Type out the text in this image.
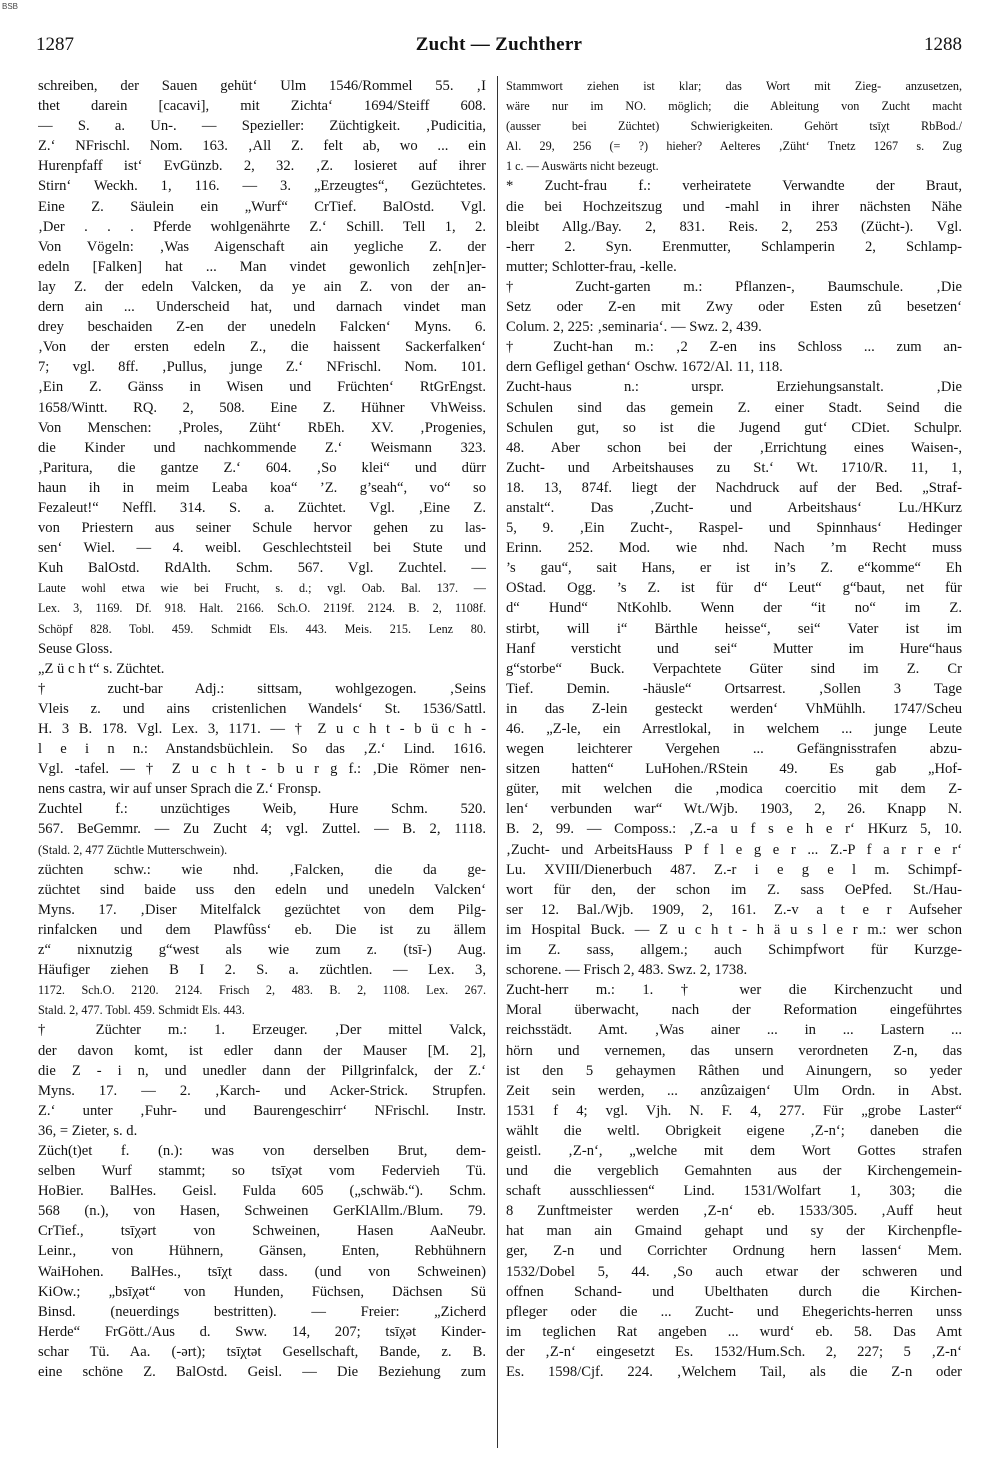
BSB
1287	Zucht — Zuchtherr	1288
schreiben, der Sauen gehüt‘ Ulm 1546/Rommel 55. ‚I
thet darein [cacavi], mit Zichta‘ 1694/Steiff 608.
— S. a. Un-. — Spezieller: Züchtigkeit. ‚Pudicitia,
Z.‘ NFrischl. Nom. 163. ‚All Z. felt ab, wo ... ein
Hurenpfaff ist‘ EvGünzb. 2, 32. ‚Z. losieret auf ihrer
Stirn‘ Weckh. 1, 116. — 3. „Erzeugtes“, Gezüchtetes.
Eine Z. Säulein ein „Wurf“ CrTief. BalOstd. Vgl.
‚Der . . . Pferde wohlgenährte Z.‘ Schill. Tell 1, 2.
Von Vögeln: ‚Was Aigenschaft ain yegliche Z. der
edeln [Falken] hat ... Man vindet gewonlich zeh[n]er-
lay Z. der edeln Valcken, da ye ain Z. von der an-
dern ain ... Underscheid hat, und darnach vindet man
drey beschaiden Z-en der unedeln Falcken‘ Myns. 6.
‚Von der ersten edeln Z., die haissent Sackerfalken‘
7; vgl. 8ff. ‚Pullus, junge Z.‘ NFrischl. Nom. 101.
‚Ein Z. Gänss in Wisen und Früchten‘ RtGrEngst.
1658/Wintt. RQ. 2, 508. Eine Z. Hühner VhWeiss.
Von Menschen: ‚Proles, Züht‘ RbEh. XV. ‚Progenies,
die Kinder und nachkommende Z.‘ Weismann 323.
‚Paritura, die gantze Z.‘ 604. ‚So klei“ und dürr
haun ih in meim Leaba koa“ ’Z. g’seah“, vo“ so
Fezaleut!“ Neffl. 314. S. a. Züchtet. Vgl. ‚Eine Z.
von Priestern aus seiner Schule hervor gehen zu las-
sen‘ Wiel. — 4. weibl. Geschlechtsteil bei Stute und
Kuh BalOstd. RdAlth. Schm. 567. Vgl. Zuchtel. —
Laute wohl etwa wie bei Frucht, s. d.; vgl. Oab. Bal. 137. —
Lex. 3, 1169. Df. 918. Halt. 2166. Sch.O. 2119f. 2124. B. 2, 1108f.
Schöpf 828. Tobl. 459. Schmidt Els. 443. Meis. 215. Lenz 80.
Seuse Gloss.
„Z ü c h t“ s. Züchtet.
† zucht-bar Adj.: sittsam, wohlgezogen. ‚Seins
Vleis z. und ains cristenlichen Wandels‘ St. 1536/Sattl.
H. 3 B. 178. Vgl. Lex. 3, 1171. — † Z u c h t - b ü c h -
l e i n n.: Anstandsbüchlein. So das ‚Z.‘ Lind. 1616.
Vgl. -tafel. — † Z u c h t - b u r g f.: ‚Die Römer nen-
nens castra, wir auf unser Sprach die Z.‘ Fronsp.
Zuchtel f.: unzüchtiges Weib, Hure Schm. 520.
567. BeGemmr. — Zu Zucht 4; vgl. Zuttel. — B. 2, 1118.
(Stald. 2, 477 Züchtle Mutterschwein).
züchten schw.: wie nhd. ‚Falcken, die da ge-
züchtet sind baide uss den edeln und unedeln Valcken‘
Myns. 17. ‚Diser Mitelfalck gezüchtet von dem Pilg-
rinfalcken und dem Plawfûss‘ eb. Die ist zu ällem
z“ nixnutzig g“west als wie zum z. (tsī-) Aug.
Häufiger ziehen B I 2. S. a. züchtlen. — Lex. 3,
1172. Sch.O. 2120. 2124. Frisch 2, 483. B. 2, 1108. Lex. 267.
Stald. 2, 477. Tobl. 459. Schmidt Els. 443.
† Züchter m.: 1. Erzeuger. ‚Der mittel Valck,
der davon komt, ist edler dann der Mauser [M. 2],
die Z - i n, und unedler dann der Pillgrinfalck, der Z.‘
Myns. 17. — 2. ‚Karch- und Acker-Strick. Strupfen.
Z.‘ unter ‚Fuhr- und Baurengeschirr‘ NFrischl. Instr.
36, = Zieter, s. d.
Züch(t)et f. (n.): was von derselben Brut, dem-
selben Wurf stammt; so tsīχət vom Federvieh Tü.
HoBier. BalHes. Geisl. Fulda 605 („schwäb.“). Schm.
568 (n.), von Hasen, Schweinen GerKlAllm./Blum. 79.
CrTief., tsīχərt von Schweinen, Hasen AaNeubr.
Leinr., von Hühnern, Gänsen, Enten, Rebhühnern
WaiHohen. BalHes., tsīχt dass. (und von Schweinen)
KiOw.; „bsīχət“ von Hunden, Füchsen, Dächsen Sü
Binsd. (neuerdings bestritten). — Freier: „Zicherd
Herde“ FrGött./Aus d. Sww. 14, 207; tsīχət Kinder-
schar Tü. Aa. (-ərt); tsīχtət Gesellschaft, Bande, z. B.
eine schöne Z. BalOstd. Geisl. — Die Beziehung zum
Stammwort ziehen ist klar; das Wort mit Zieg- anzusetzen,
wäre nur im NO. möglich; die Ableitung von Zucht macht
(ausser bei Züchtet) Schwierigkeiten. Gehört tsīχt RbBod./
Al. 29, 256 (= ?) hieher? Aelteres ‚Züht‘ Tnetz 1267 s. Zug
1 c. — Auswärts nicht bezeugt.
* Zucht-frau f.: verheiratete Verwandte der Braut,
die bei Hochzeitszug und -mahl in ihrer nächsten Nähe
bleibt Allg./Bay. 2, 831. Reis. 2, 253 (Zücht-). Vgl.
-herr 2. Syn. Erenmutter, Schlamperin 2, Schlamp-
mutter; Schlotter-frau, -kelle.
† Zucht-garten m.: Pflanzen-, Baumschule. ‚Die
Setz oder Z-en mit Zwy oder Esten zû besetzen‘
Colum. 2, 225: ‚seminaria‘. — Swz. 2, 439.
† Zucht-han m.: ‚2 Z-en ins Schloss ... zum an-
dern Gefligel gethan‘ Oschw. 1672/Al. 11, 118.
Zucht-haus n.: urspr. Erziehungsanstalt. ‚Die
Schulen sind das gemein Z. einer Stadt. Seind die
Schulen gut, so ist die Jugend gut‘ CDiet. Schulpr.
48. Aber schon bei der ‚Errichtung eines Waisen-,
Zucht- und Arbeitshauses zu St.‘ Wt. 1710/R. 11, 1,
18. 13, 874f. liegt der Nachdruck auf der Bed. „Straf-
anstalt“. Das ‚Zucht- und Arbeitshaus‘ Lu./HKurz
5, 9. ‚Ein Zucht-, Raspel- und Spinnhaus‘ Hedinger
Erinn. 252. Mod. wie nhd. Nach ’m Recht muss
’s gau“, sait Hans, er ist in’s Z. e“komme“ Eh
OStad. Ogg. ’s Z. ist für d“ Leut“ g“baut, net für
d“ Hund“ NtKohlb. Wenn der “it no“ im Z.
stirbt, will i“ Bärthle heisse“, sei“ Vater ist im
Hanf versticht und sei“ Mutter im Hure“haus
g“storbe“ Buck. Verpachtete Güter sind im Z. Cr
Tief. Demin. -häusle“ Ortsarrest. ‚Sollen 3 Tage
in das Z-lein gesteckt werden‘ VhMühlh. 1747/Scheu
46. „Z-le, ein Arrestlokal, in welchem ... junge Leute
wegen leichterer Vergehen ... Gefängnisstrafen abzu-
sitzen hatten“ LuHohen./RStein 49. Es gab „Hof-
güter, mit welchen die ‚modica coercitio mit dem Z-
len‘ verbunden war“ Wt./Wjb. 1903, 2, 26. Knapp N.
B. 2, 99. — Composs.: ‚Z.-a u f s e h e r‘ HKurz 5, 10.
‚Zucht- und ArbeitsHauss P f l e g e r ... Z.-P f a r r e r‘
Lu. XVIII/Dienerbuch 487. Z.-r i e g e l m. Schimpf-
wort für den, der schon im Z. sass OePfed. St./Hau-
ser 12. Bal./Wjb. 1909, 2, 161. Z.-v a t e r Aufseher
im Hospital Buck. — Z u c h t - h ä u s l e r m.: wer schon
im Z. sass, allgem.; auch Schimpfwort für Kurzge-
schorene. — Frisch 2, 483. Swz. 2, 1738.
Zucht-herr m.: 1. † wer die Kirchenzucht und
Moral überwacht, nach der Reformation eingeführtes
reichsstädt. Amt. ‚Was ainer ... in ... Lastern ...
hörn und vernemen, das unsern verordneten Z-n, das
ist den 5 gehaymen Râthen und Ainungern, so yeder
Zeit sein werden, ... anzûzaigen‘ Ulm Ordn. in Abst.
1531 f 4; vgl. Vjh. N. F. 4, 277. Für „grobe Laster“
wählt die weltl. Obrigkeit eigene ‚Z-n‘; daneben die
geistl. ‚Z-n‘, „welche mit dem Wort Gottes strafen
und die vergeblich Gemahnten aus der Kirchengemein-
schaft ausschliessen“ Lind. 1531/Wolfart 1, 303; die
8 Zunftmeister werden ‚Z-n‘ eb. 1533/305. ‚Auff heut
hat man ain Gmaind gehapt und sy der Kirchenpfle-
ger, Z-n und Corrichter Ordnung hern lassen‘ Mem.
1532/Dobel 5, 44. ‚So auch etwar der schweren und
offnen Schand- und Ubelthaten durch die Kirchen-
pfleger oder die ... Zucht- und Ehegerichts-herren unss
im teglichen Rat angeben ... wurd‘ eb. 58. Das Amt
der ‚Z-n‘ eingesetzt Es. 1532/Hum.Sch. 2, 227; 5 ‚Z-n‘
Es. 1598/Cjf. 224. ‚Welchem Tail, als die Z-n oder
